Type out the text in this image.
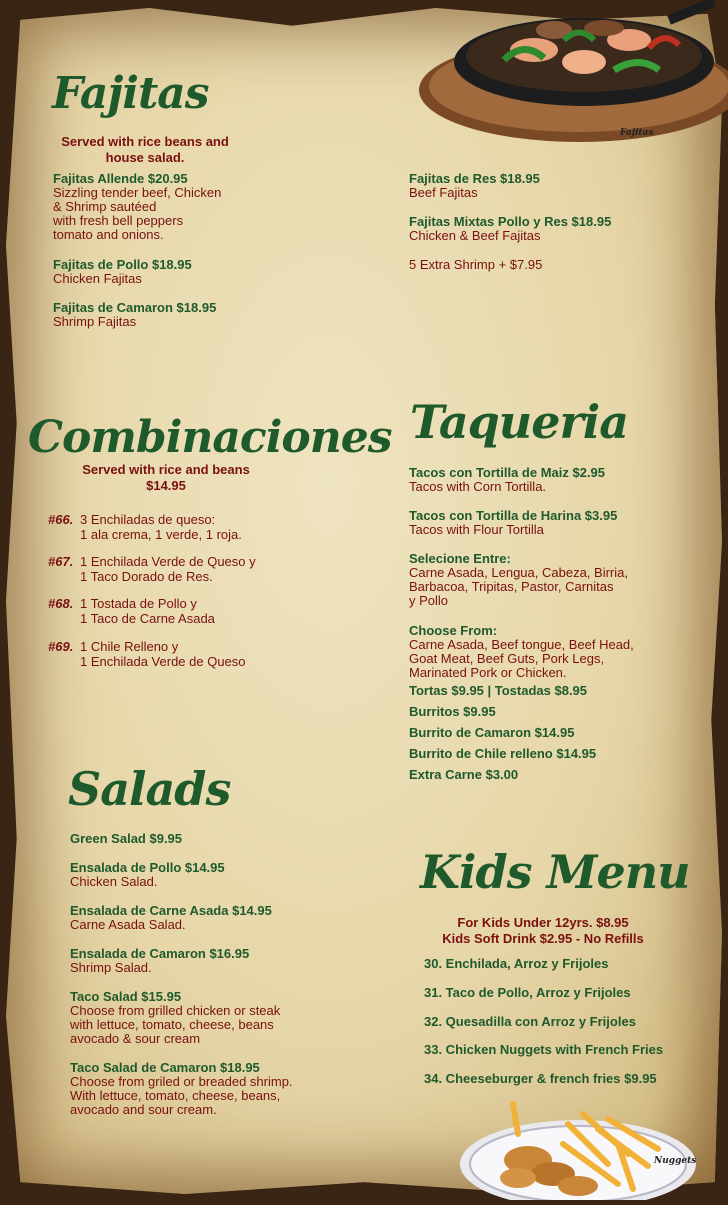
Fajitas
Fajitas
Served with rice beans and
house salad.
Fajitas Allende $20.95
Sizzling tender beef, Chicken
& Shrimp sautéed
with fresh bell peppers
tomato and onions.
Fajitas de Pollo $18.95
Chicken Fajitas
Fajitas de Camaron $18.95
Shrimp Fajitas
Fajitas de Res $18.95
Beef Fajitas
Fajitas Mixtas Pollo y Res $18.95
Chicken & Beef Fajitas
5 Extra Shrimp + $7.95
Combinaciones
Served with rice and beans
$14.95
#66. 3 Enchiladas de queso:
1 ala crema, 1 verde, 1 roja.
#67. 1 Enchilada Verde de Queso y
1 Taco Dorado de Res.
#68. 1 Tostada de Pollo y
1 Taco de Carne Asada
#69. 1 Chile Relleno y
1 Enchilada Verde de Queso
Taqueria
Tacos con Tortilla de Maiz $2.95
Tacos with Corn Tortilla.
Tacos con Tortilla de Harina $3.95
Tacos with Flour Tortilla
Selecione Entre:
Carne Asada, Lengua, Cabeza, Birria,
Barbacoa, Tripitas, Pastor, Carnitas
y Pollo
Choose From:
Carne Asada, Beef tongue, Beef Head,
Goat Meat, Beef Guts, Pork Legs,
Marinated Pork or Chicken.
Tortas $9.95 | Tostadas $8.95
Burritos $9.95
Burrito de Camaron $14.95
Burrito de Chile relleno $14.95
Extra Carne $3.00
Salads
Green Salad $9.95
Ensalada de Pollo $14.95
Chicken Salad.
Ensalada de Carne Asada $14.95
Carne Asada Salad.
Ensalada de Camaron $16.95
Shrimp Salad.
Taco Salad $15.95
Choose from grilled chicken or steak
with lettuce, tomato, cheese, beans
avocado & sour cream
Taco Salad de Camaron $18.95
Choose from griled or breaded shrimp.
With lettuce, tomato, cheese, beans,
avocado and sour cream.
Kids Menu
For Kids Under 12yrs. $8.95
Kids Soft Drink $2.95 - No Refills
30. Enchilada, Arroz y Frijoles
31. Taco de Pollo, Arroz y Frijoles
32. Quesadilla con Arroz y Frijoles
33. Chicken Nuggets with French Fries
34. Cheeseburger & french fries $9.95
Nuggets
